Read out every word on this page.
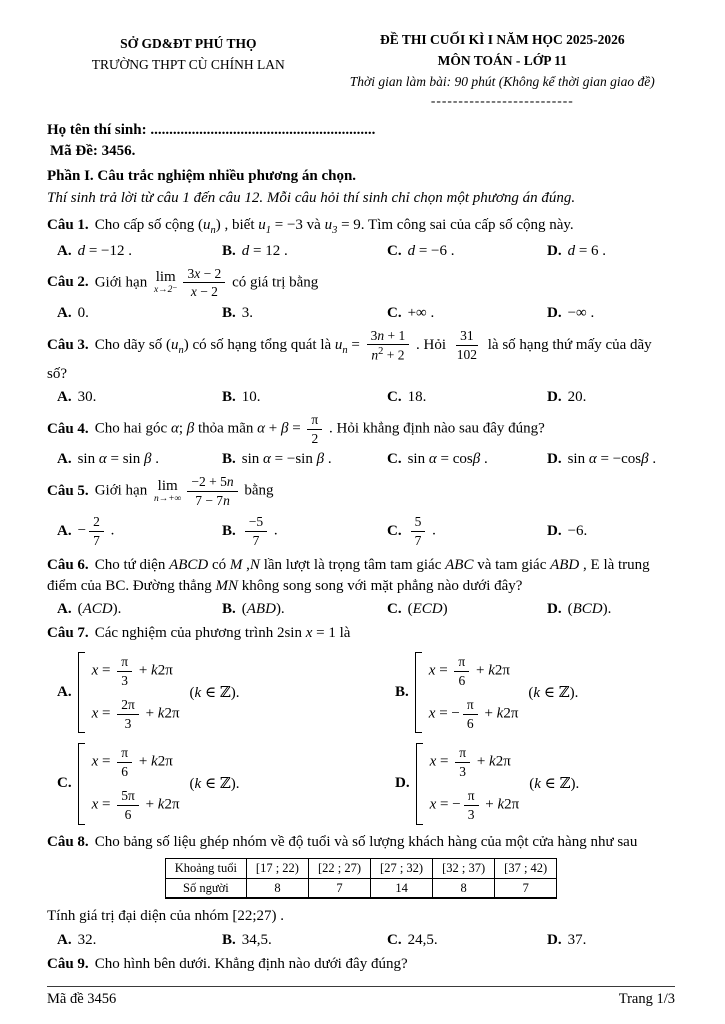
SỞ GD&ĐT PHÚ THỌ
TRƯỜNG THPT CÙ CHÍNH LAN
ĐỀ THI CUỐI KÌ I NĂM HỌC 2025-2026
MÔN TOÁN - LỚP 11
Thời gian làm bài: 90 phút (Không kể thời gian giao đề)
--------------------------
Họ tên thí sinh: ............................................................
Mã Đề: 3456.
Phần I. Câu trắc nghiệm nhiều phương án chọn.
Thí sinh trả lời từ câu 1 đến câu 12. Mỗi câu hỏi thí sinh chỉ chọn một phương án đúng.
Câu 1. Cho cấp số cộng $(u_n)$ , biết $u_1 = -3$ và $u_3 = 9$. Tìm công sai của cấp số cộng này.
A. d = −12 .	B. d = 12 .	C. d = −6 .	D. d = 6 .
Câu 2. Giới hạn lim
$x\to 2^- \frac{3x - 2}{x - 2}$ có giá trị bằng
A. 0.	B. 3.	C. +∞ .	D. −∞ .
Câu 3. Cho dãy số $(u_n)$ có số hạng tổng quát là $u_n = \frac{3n + 1}{n^2 + 2}$ . Hỏi $\frac{31}{102}$ là số hạng thứ mấy của dãy số?
A. 30.	B. 10.	C. 18.	D. 20.
Câu 4. Cho hai góc α; β thỏa mãn $\alpha + \beta = \frac{\pi}{2}$ . Hỏi khẳng định nào sau đây đúng?
A. sin α = sin β .	B. sin α = −sin β .	C. sin α = cosβ .	D. sin α = −cosβ .
Câu 5. Giới hạn lim
$n\to+\infty \frac{-2 + 5n}{7 - 7n}$ bằng
A. − $\frac{2}{7}$ .	B. $\frac{-5}{7}$ .	C. $\frac{5}{7}$ .	D. −6.
Câu 6. Cho tứ diện ABCD có M ,N lần lượt là trọng tâm tam giác ABC và tam giác ABD , E là trung điểm của BC. Đường thẳng MN không song song với mặt phẳng nào dưới đây?
A. (ACD).	B. (ABD).	C. (ECD)	D. (BCD).
Câu 7. Các nghiệm của phương trình 2sin x = 1 là
A.
$x = \frac{\pi}{3} + k2\pi$
$x = \frac{2\pi}{3} + k2\pi$
(k ∈ ℤ).	B.
$x = \frac{\pi}{6} + k2\pi$
x = − $\frac{\pi}{6} + k2\pi$
(k ∈ ℤ).
C.
$x = \frac{\pi}{6} + k2\pi$
$x = \frac{5\pi}{6} + k2\pi$
(k ∈ ℤ).	D.
$x = \frac{\pi}{3} + k2\pi$
x = − $\frac{\pi}{3} + k2\pi$
(k ∈ ℤ).
Câu 8. Cho bảng số liệu ghép nhóm về độ tuổi và số lượng khách hàng của một cửa hàng như sau
Khoảng tuổi	[17 ; 22)	[22 ; 27)	[27 ; 32)	[32 ; 37)	[37 ; 42)
Số người	8	7	14	8	7
Tính giá trị đại diện của nhóm [22;27) .
A. 32.	B. 34,5.	C. 24,5.	D. 37.
Câu 9. Cho hình bên dưới. Khẳng định nào dưới đây đúng?
Mã đề 3456	Trang 1/3
